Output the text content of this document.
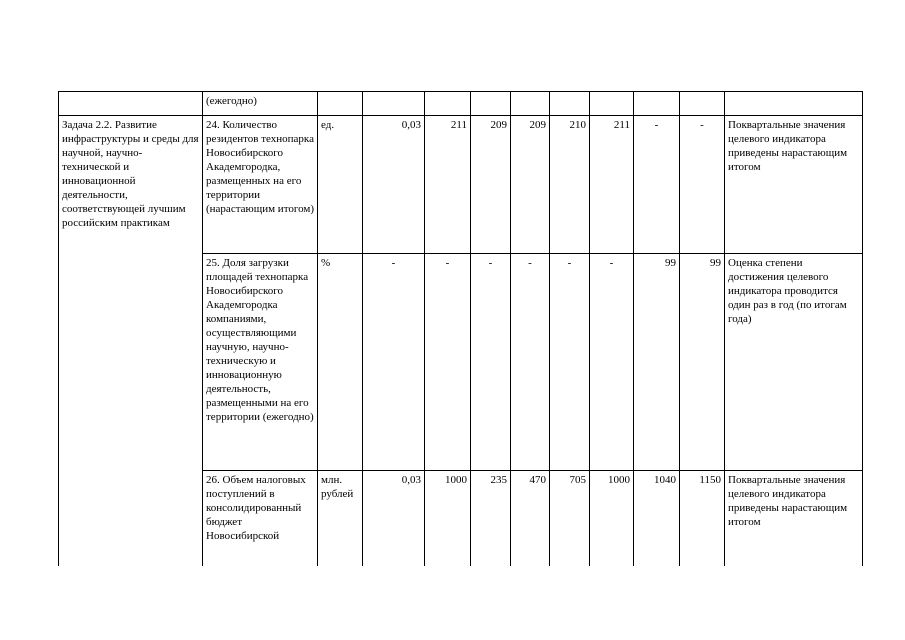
	(ежегодно)										
Задача 2.2. Развитие инфраструктуры и среды для научной, научно-технической и инновационной деятельности, соответствующей лучшим российским практикам	24. Количество резидентов технопарка Новосибирского Академгородка, размещенных на его территории (нарастающим итогом)	ед.	0,03	211	209	209	210	211	-	-	Поквартальные значения целевого индикатора приведены нарастающим итогом
	25. Доля загрузки площадей технопарка Новосибирского Академгородка компаниями, осуществляющими научную, научно-техническую и инновационную деятельность, размещенными на его территории (ежегодно)	%	-	-	-	-	-	-	99	99	Оценка степени достижения целевого индикатора проводится один раз в год (по итогам года)
	26. Объем налоговых поступлений в консолидированный бюджет Новосибирской	млн. рублей	0,03	1000	235	470	705	1000	1040	1150	Поквартальные значения целевого индикатора приведены нарастающим итогом
